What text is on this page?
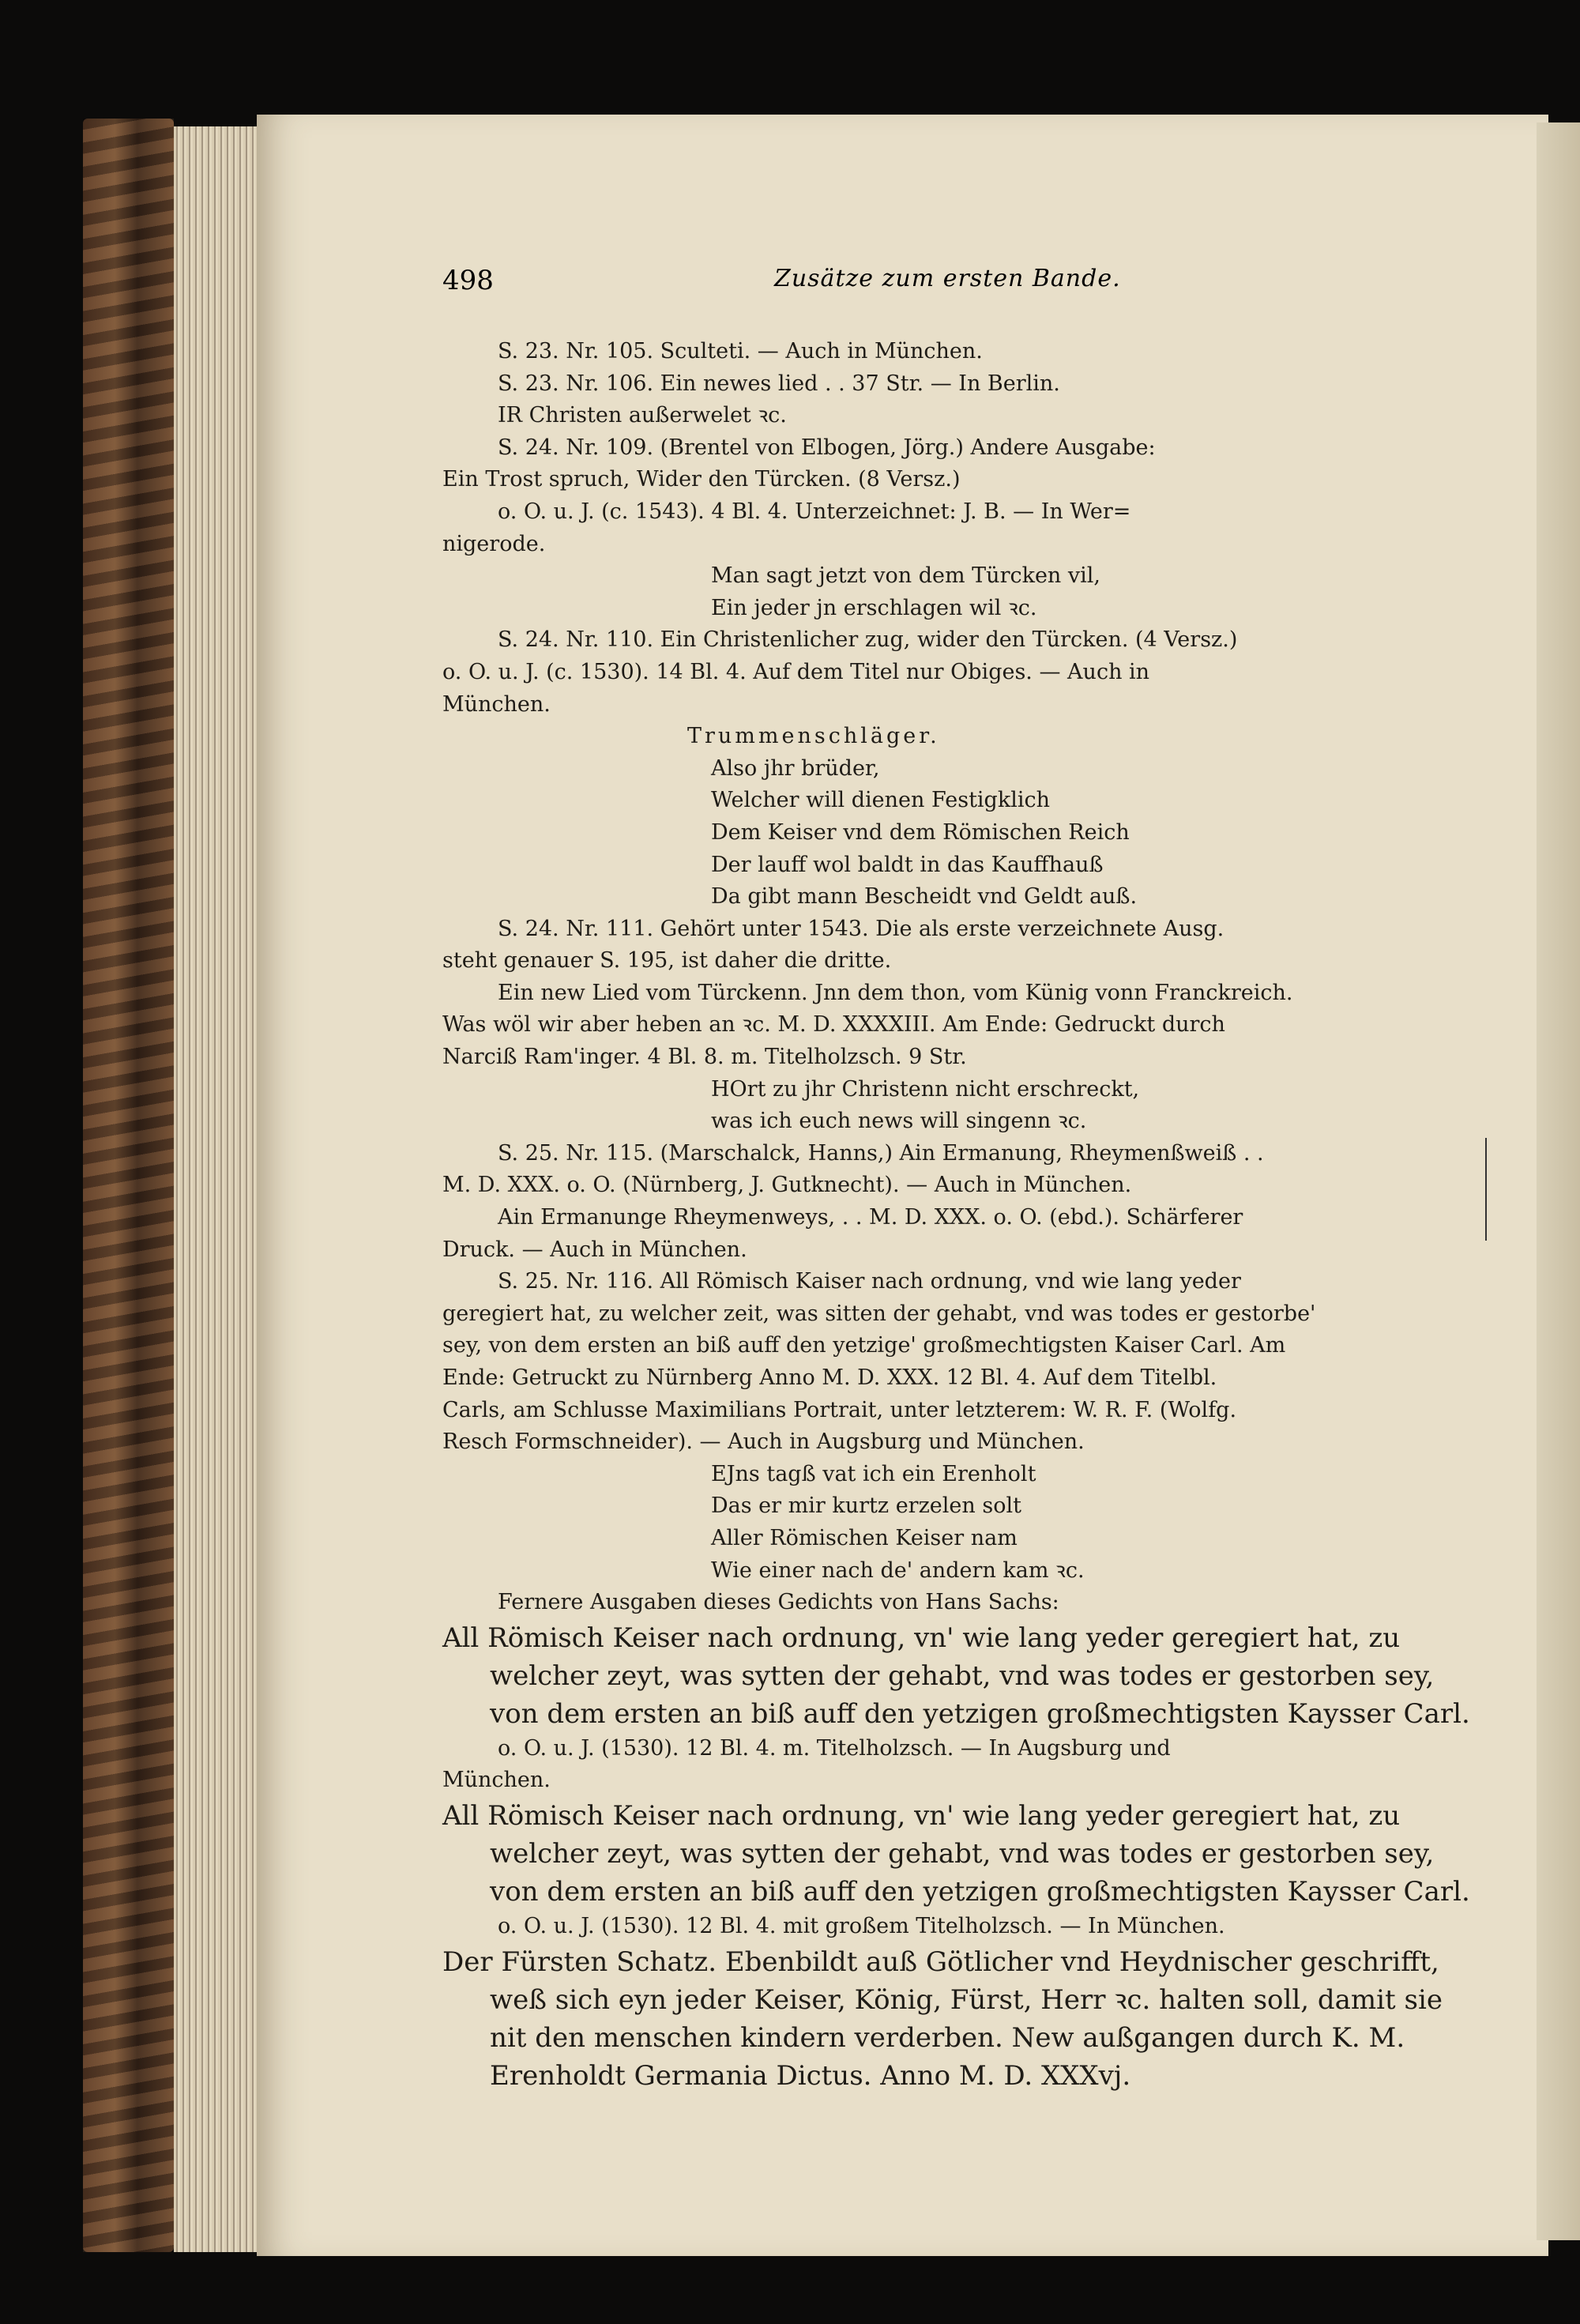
498	Zusätze zum ersten Bande.
S. 23. Nr. 105. Sculteti. — Auch in München.
S. 23. Nr. 106. Ein newes lied . . 37 Str. — In Berlin.
IR Christen außerwelet ꝛc.
S. 24. Nr. 109. (Brentel von Elbogen, Jörg.) Andere Ausgabe:
Ein Trost spruch, Wider den Türcken. (8 Versz.)
o. O. u. J. (c. 1543). 4 Bl. 4. Unterzeichnet: J. B. — In Wer=
nigerode.
Man sagt jetzt von dem Türcken vil,
Ein jeder jn erschlagen wil ꝛc.
S. 24. Nr. 110. Ein Christenlicher zug, wider den Türcken. (4 Versz.)
o. O. u. J. (c. 1530). 14 Bl. 4. Auf dem Titel nur Obiges. — Auch in
München.
Trummenschläger.
Also jhr brüder,
Welcher will dienen Festigklich
Dem Keiser vnd dem Römischen Reich
Der lauff wol baldt in das Kauffhauß
Da gibt mann Bescheidt vnd Geldt auß.
S. 24. Nr. 111. Gehört unter 1543. Die als erste verzeichnete Ausg.
steht genauer S. 195, ist daher die dritte.
Ein new Lied vom Türckenn. Jnn dem thon, vom Künig vonn Franckreich.
Was wöl wir aber heben an ꝛc. M. D. XXXXIII. Am Ende: Gedruckt durch
Narciß Ram'inger. 4 Bl. 8. m. Titelholzsch. 9 Str.
HOrt zu jhr Christenn nicht erschreckt,
was ich euch news will singenn ꝛc.
S. 25. Nr. 115. (Marschalck, Hanns,) Ain Ermanung, Rheymenßweiß . .
M. D. XXX. o. O. (Nürnberg, J. Gutknecht). — Auch in München.
Ain Ermanunge Rheymenweys, . . M. D. XXX. o. O. (ebd.). Schärferer
Druck. — Auch in München.
S. 25. Nr. 116. All Römisch Kaiser nach ordnung, vnd wie lang yeder
geregiert hat, zu welcher zeit, was sitten der gehabt, vnd was todes er gestorbe'
sey, von dem ersten an biß auff den yetzige' großmechtigsten Kaiser Carl. Am
Ende: Getruckt zu Nürnberg Anno M. D. XXX. 12 Bl. 4. Auf dem Titelbl.
Carls, am Schlusse Maximilians Portrait, unter letzterem: W. R. F. (Wolfg.
Resch Formschneider). — Auch in Augsburg und München.
EJns tagß vat ich ein Erenholt
Das er mir kurtz erzelen solt
Aller Römischen Keiser nam
Wie einer nach de' andern kam ꝛc.
Fernere Ausgaben dieses Gedichts von Hans Sachs:
All Römisch Keiser nach ordnung, vn' wie lang yeder geregiert hat, zu
welcher zeyt, was sytten der gehabt, vnd was todes er gestorben sey,
von dem ersten an biß auff den yetzigen großmechtigsten Kaysser Carl.
o. O. u. J. (1530). 12 Bl. 4. m. Titelholzsch. — In Augsburg und
München.
All Römisch Keiser nach ordnung, vn' wie lang yeder geregiert hat, zu
welcher zeyt, was sytten der gehabt, vnd was todes er gestorben sey,
von dem ersten an biß auff den yetzigen großmechtigsten Kaysser Carl.
o. O. u. J. (1530). 12 Bl. 4. mit großem Titelholzsch. — In München.
Der Fürsten Schatz. Ebenbildt auß Götlicher vnd Heydnischer geschrifft,
weß sich eyn jeder Keiser, König, Fürst, Herr ꝛc. halten soll, damit sie
nit den menschen kindern verderben. New außgangen durch K. M.
Erenholdt Germania Dictus. Anno M. D. XXXvj.
